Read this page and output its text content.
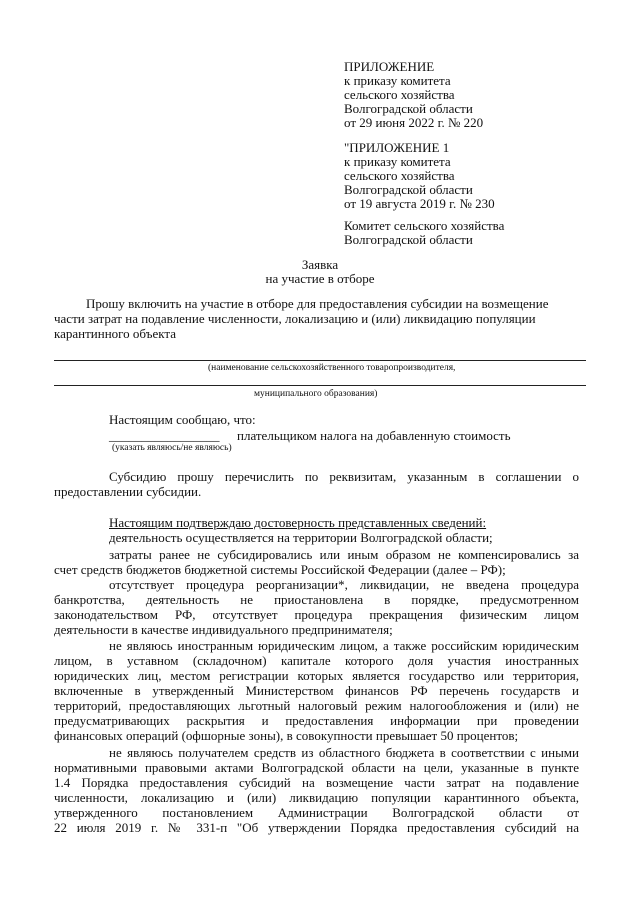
ПРИЛОЖЕНИЕ
к приказу комитета
сельского хозяйства
Волгоградской области
от 29 июня 2022 г. № 220
"ПРИЛОЖЕНИЕ 1
к приказу комитета
сельского хозяйства
Волгоградской области
от 19 августа 2019 г. № 230
Комитет сельского хозяйства
Волгоградской области
Заявка
на участие в отборе
Прошу включить на участие в отборе для предоставления субсидии на возмещение
части затрат на подавление численности, локализацию и (или) ликвидацию популяции
карантинного объекта
(наименование сельскохозяйственного товаропроизводителя,
муниципального образования)
Настоящим сообщаю, что:
_________________ плательщиком налога на добавленную стоимость
(указать являюсь/не являюсь)
Субсидию прошу перечислить по реквизитам, указанным в соглашении о
предоставлении субсидии.
Настоящим подтверждаю достоверность представленных сведений:
деятельность осуществляется на территории Волгоградской области;
затраты ранее не субсидировались или иным образом не компенсировались за
счет средств бюджетов бюджетной системы Российской Федерации (далее – РФ);
отсутствует процедура реорганизации*, ликвидации, не введена процедура
банкротства, деятельность не приостановлена в порядке, предусмотренном
законодательством РФ, отсутствует процедура прекращения физическим лицом
деятельности в качестве индивидуального предпринимателя;
не являюсь иностранным юридическим лицом, а также российским юридическим
лицом, в уставном (складочном) капитале которого доля участия иностранных
юридических лиц, местом регистрации которых является государство или территория,
включенные в утвержденный Министерством финансов РФ перечень государств и
территорий, предоставляющих льготный налоговый режим налогообложения и (или) не
предусматривающих раскрытия и предоставления информации при проведении
финансовых операций (офшорные зоны), в совокупности превышает 50 процентов;
не являюсь получателем средств из областного бюджета в соответствии с иными
нормативными правовыми актами Волгоградской области на цели, указанные в пункте
1.4 Порядка предоставления субсидий на возмещение части затрат на подавление
численности, локализацию и (или) ликвидацию популяции карантинного объекта,
утвержденного постановлением Администрации Волгоградской области от
22 июля 2019 г. № 331-п "Об утверждении Порядка предоставления субсидий на
